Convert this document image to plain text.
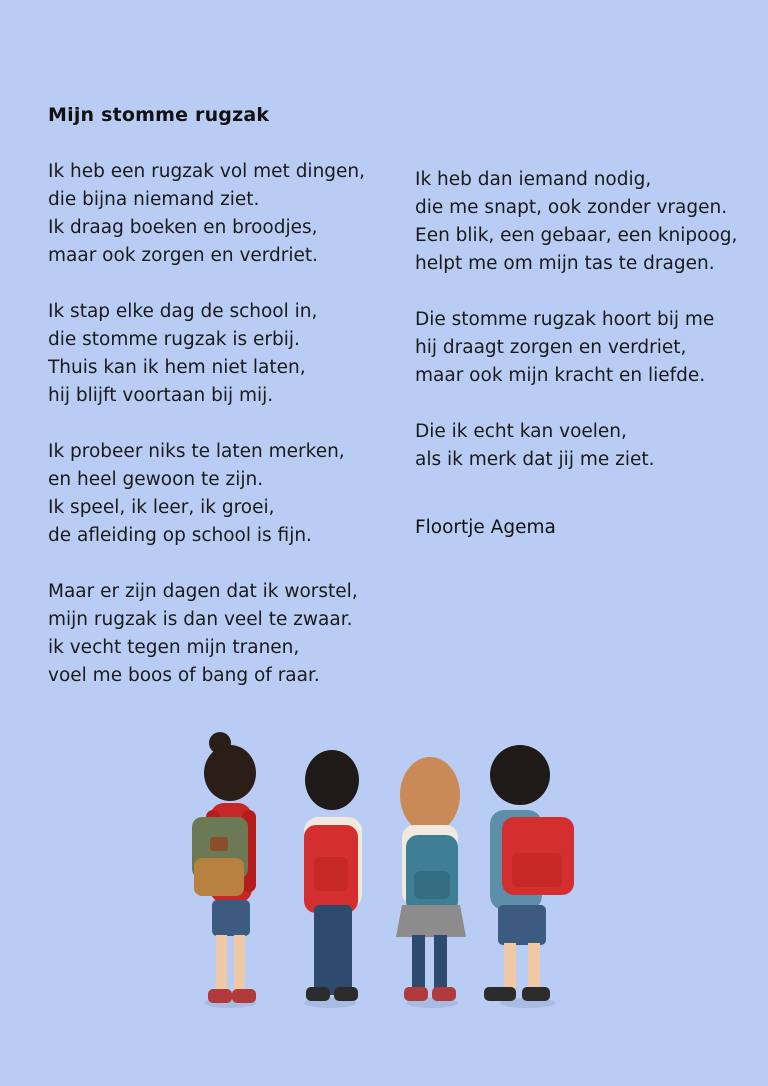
Mijn stomme rugzak
Ik heb een rugzak vol met dingen,
die bijna niemand ziet.
Ik draag boeken en broodjes,
maar ook zorgen en verdriet.
Ik stap elke dag de school in,
die stomme rugzak is erbij.
Thuis kan ik hem niet laten,
hij blijft voortaan bij mij.
Ik probeer niks te laten merken,
en heel gewoon te zijn.
Ik speel, ik leer, ik groei,
de afleiding op school is fijn.
Maar er zijn dagen dat ik worstel,
mijn rugzak is dan veel te zwaar.
ik vecht tegen mijn tranen,
voel me boos of bang of raar.
Ik heb dan iemand nodig,
die me snapt, ook zonder vragen.
Een blik, een gebaar, een knipoog,
helpt me om mijn tas te dragen.
Die stomme rugzak hoort bij me
hij draagt zorgen en verdriet,
maar ook mijn kracht en liefde.
Die ik echt kan voelen,
als ik merk dat jij me ziet.
Floortje Agema
